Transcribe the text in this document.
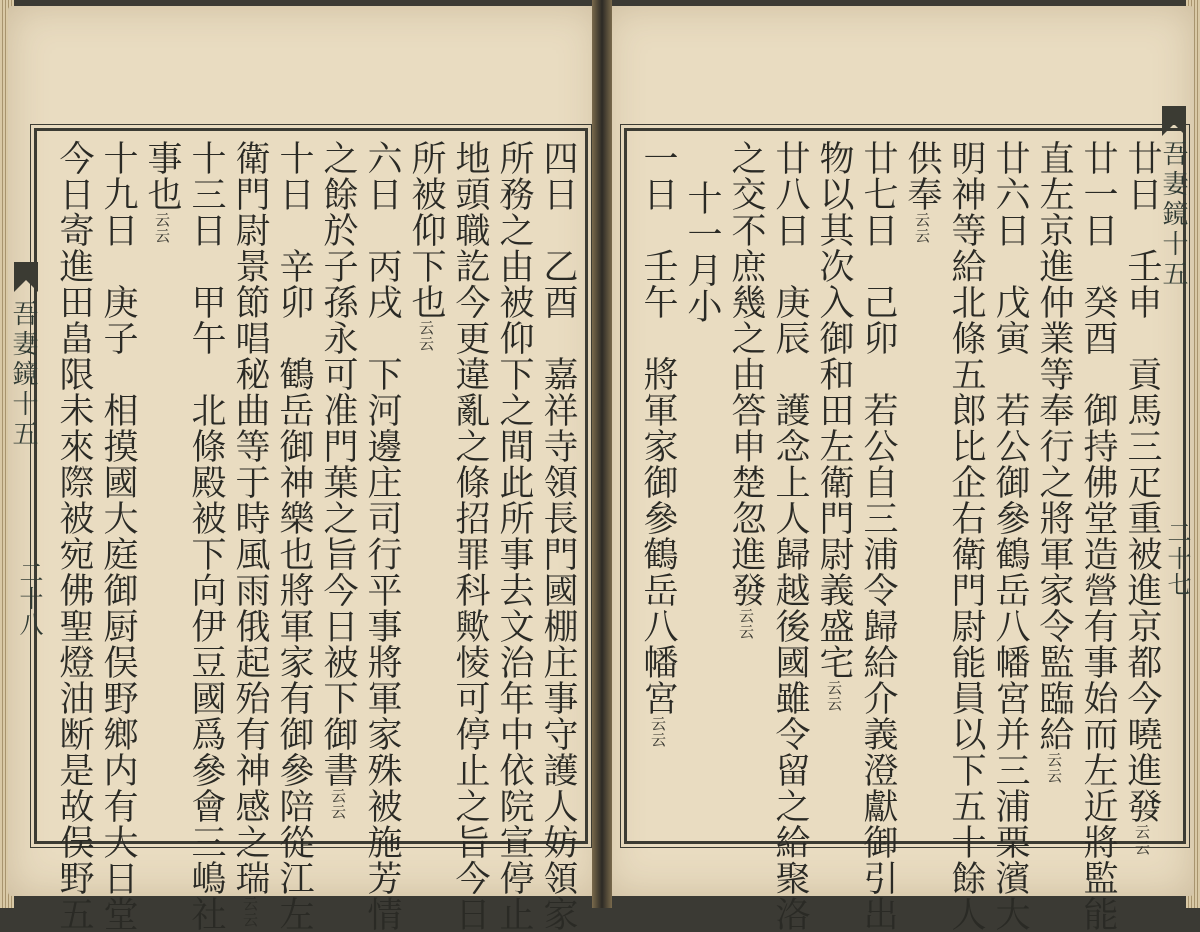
吾妻鏡十五
二十八
吾妻鏡十五
二十七
四日　乙酉　嘉祥寺領長門國棚庄事守護人妨領家
所務之由被仰下之間此所事去文治年中依院宣停止
地頭職訖今更違亂之條招罪科歟㥄可停止之旨今日
所被仰下也云云
六日　丙戌　下河邊庄司行平事將軍家殊被施芳情
之餘於子孫永可准門葉之旨今日被下御書云云
十日　辛卯　鶴岳御神樂也將軍家有御參陪從江左
衛門尉景節唱秘曲等于時風雨俄起殆有神感之瑞云云
十三日　甲午　北條殿被下向伊豆國爲參會三嶋社
事也云云
十九日　庚子　相摸國大庭御厨俣野鄉内有大日堂
今日寄進田畠限未來際被宛佛聖燈油断是故俣野五	廿日　壬申　貢馬三疋重被進京都今曉進發云云
廿一日　癸酉　御持佛堂造營有事始而左近將監能
直左京進仲業等奉行之將軍家令監臨給云云
廿六日　戊寅　若公御參鶴岳八幡宮并三浦栗濱大
明神等給北條五郎比企右衛門尉能員以下五十餘人
供奉云云
廿七日　己卯　若公自三浦令歸給介義澄獻御引出
物以其次入御和田左衛門尉義盛宅云云
廿八日　庚辰　護念上人歸越後國雖令留之給聚洛
之交不庶幾之由答申楚忽進發云云
十一月小
一日　壬午　將軍家御參鶴岳八幡宮云云
